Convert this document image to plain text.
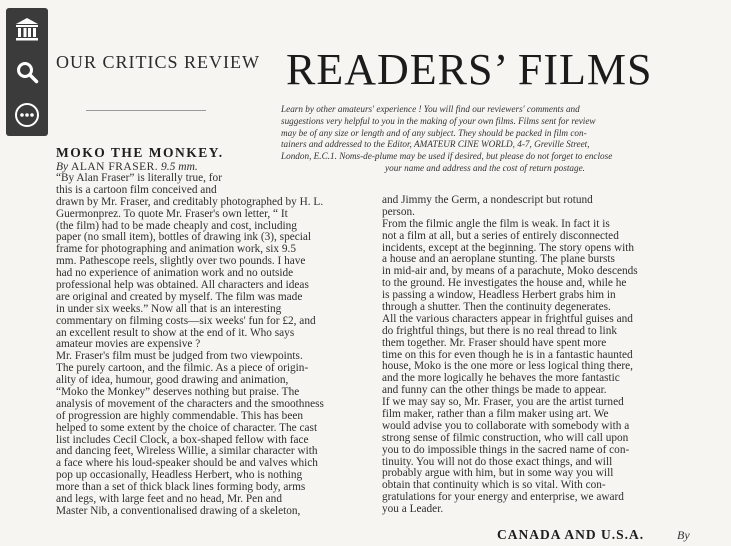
OUR CRITICS REVIEW READERS’ FILMS
Learn by other amateurs' experience ! You will find our reviewers' comments and
suggestions very helpful to you in the making of your own films. Films sent for review
may be of any size or length and of any subject. They should be packed in film con-
tainers and addressed to the Editor, AMATEUR CINE WORLD, 4-7, Greville Street,
London, E.C.1. Noms-de-plume may be used if desired, but please do not forget to enclose
your name and address and the cost of return postage.
MOKO THE MONKEY.
By ALAN FRASER. 9.5 mm.
“By Alan Fraser” is literally true, for
this is a cartoon film conceived and
drawn by Mr. Fraser, and creditably photographed by H. L.
Guermonprez. To quote Mr. Fraser's own letter, “ It
(the film) had to be made cheaply and cost, including
paper (no small item), bottles of drawing ink (3), special
frame for photographing and animation work, six 9.5
mm. Pathescope reels, slightly over two pounds. I have
had no experience of animation work and no outside
professional help was obtained. All characters and ideas
are original and created by myself. The film was made
in under six weeks.” Now all that is an interesting
commentary on filming costs—six weeks' fun for £2, and
an excellent result to show at the end of it. Who says
amateur movies are expensive ?
Mr. Fraser's film must be judged from two viewpoints.
The purely cartoon, and the filmic. As a piece of origin-
ality of idea, humour, good drawing and animation,
“Moko the Monkey” deserves nothing but praise. The
analysis of movement of the characters and the smoothness
of progression are highly commendable. This has been
helped to some extent by the choice of character. The cast
list includes Cecil Clock, a box-shaped fellow with face
and dancing feet, Wireless Willie, a similar character with
a face where his loud-speaker should be and valves which
pop up occasionally, Headless Herbert, who is nothing
more than a set of thick black lines forming body, arms
and legs, with large feet and no head, Mr. Pen and
Master Nib, a conventionalised drawing of a skeleton,
and Jimmy the Germ, a nondescript but rotund
person.
From the filmic angle the film is weak. In fact it is
not a film at all, but a series of entirely disconnected
incidents, except at the beginning. The story opens with
a house and an aeroplane stunting. The plane bursts
in mid-air and, by means of a parachute, Moko descends
to the ground. He investigates the house and, while he
is passing a window, Headless Herbert grabs him in
through a shutter. Then the continuity degenerates.
All the various characters appear in frightful guises and
do frightful things, but there is no real thread to link
them together. Mr. Fraser should have spent more
time on this for even though he is in a fantastic haunted
house, Moko is the one more or less logical thing there,
and the more logically he behaves the more fantastic
and funny can the other things be made to appear.
If we may say so, Mr. Fraser, you are the artist turned
film maker, rather than a film maker using art. We
would advise you to collaborate with somebody with a
strong sense of filmic construction, who will call upon
you to do impossible things in the sacred name of con-
tinuity. You will not do those exact things, and will
probably argue with him, but in some way you will
obtain that continuity which is so vital. With con-
gratulations for your energy and enterprise, we award
you a Leader.
CANADA AND U.S.A.	By
